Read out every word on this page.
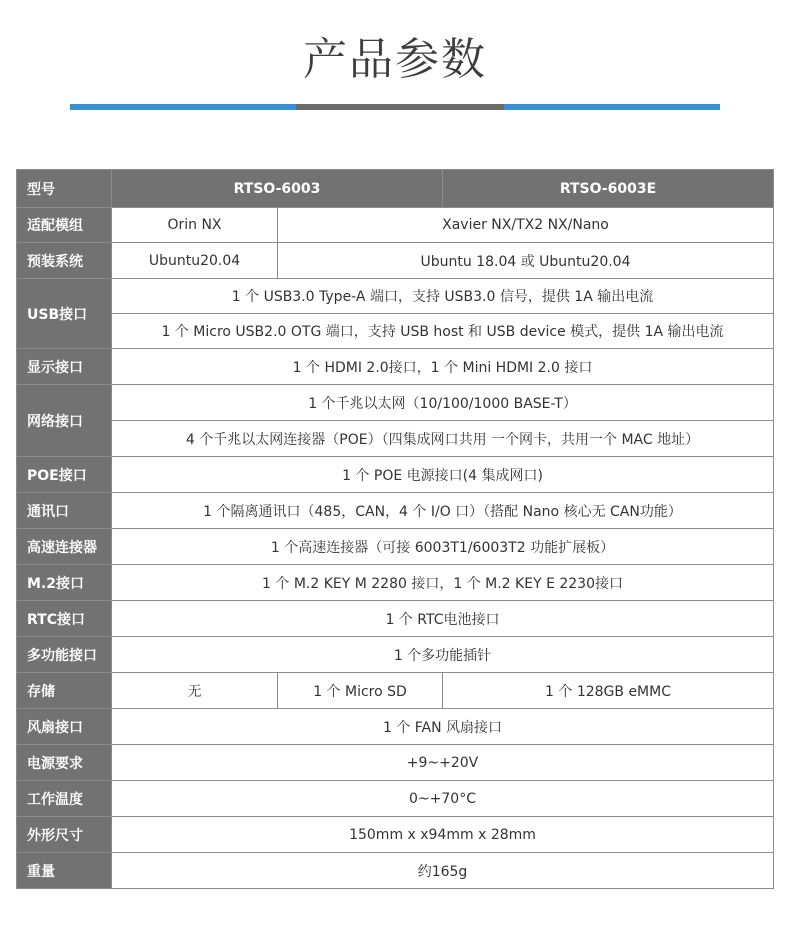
产品参数
型号	RTSO-6003		RTSO-6003E
适配模组	Orin NX	Xavier NX/TX2 NX/Nano	
预装系统	Ubuntu20.04	Ubuntu 18.04 或 Ubuntu20.04	
USB接口	1 个 USB3.0 Type-A 端口，支持 USB3.0 信号，提供 1A 输出电流		
	1 个 Micro USB2.0 OTG 端口，支持 USB host 和 USB device 模式，提供 1A 输出电流		
显示接口	1 个 HDMI 2.0接口，1 个 Mini HDMI 2.0 接口		
网络接口	1 个千兆以太网（10/100/1000 BASE-T）		
	4 个千兆以太网连接器（POE）（四集成网口共用 一个网卡，共用一个 MAC 地址）		
POE接口	1 个 POE 电源接口(4 集成网口)		
通讯口	1 个隔离通讯口（485，CAN，4 个 I/O 口）（搭配 Nano 核心无 CAN功能）		
高速连接器	1 个高速连接器（可接 6003T1/6003T2 功能扩展板）		
M.2接口	1 个 M.2 KEY M 2280 接口，1 个 M.2 KEY E 2230接口		
RTC接口	1 个 RTC电池接口		
多功能接口	1 个多功能插针		
存储	无	1 个 Micro SD	1 个 128GB eMMC
风扇接口	1 个 FAN 风扇接口		
电源要求	+9~+20V		
工作温度	0~+70°C		
外形尺寸	150mm x x94mm x 28mm		
重量	约165g		
